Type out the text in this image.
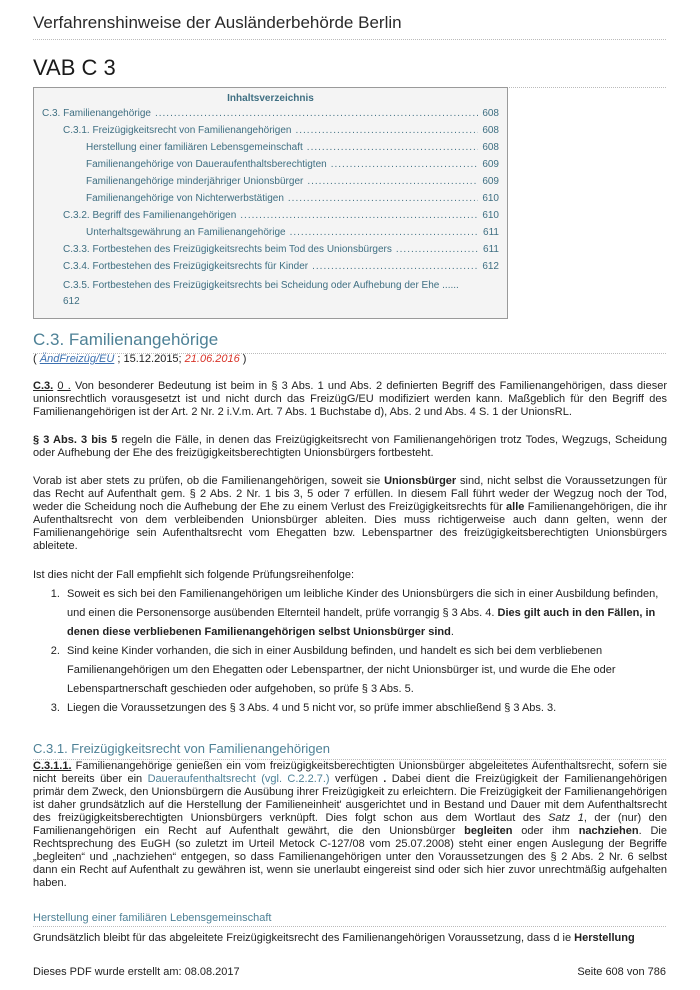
Verfahrenshinweise der Ausländerbehörde Berlin
VAB C 3
Inhaltsverzeichnis
C.3. Familienangehörige .....	608
C.3.1. Freizügigkeitsrecht von Familienangehörigen .....	608
Herstellung einer familiären Lebensgemeinschaft .....	608
Familienangehörige von Daueraufenthaltsberechtigten .....	609
Familienangehörige minderjähriger Unionsbürger .....	609
Familienangehörige von Nichterwerbstätigen .....	610
C.3.2. Begriff des Familienangehörigen .....	610
Unterhaltsgewährung an Familienangehörige .....	611
C.3.3. Fortbestehen des Freizügigkeitsrechts beim Tod des Unionsbürgers .....	611
C.3.4. Fortbestehen des Freizügigkeitsrechts für Kinder .....	612
C.3.5. Fortbestehen des Freizügigkeitsrechts bei Scheidung oder Aufhebung der Ehe ......
612
C.3. Familienangehörige
( ÄndFreizüg/EU ; 15.12.2015; 21.06.2016 )
C.3. 0 . Von besonderer Bedeutung ist beim in § 3 Abs. 1 und Abs. 2 definierten Begriff des Familienangehörigen, dass dieser unionsrechtlich vorausgesetzt ist und nicht durch das FreizügG/EU modifiziert werden kann. Maßgeblich für den Begriff des Familienangehörigen ist der Art. 2 Nr. 2 i.V.m. Art. 7 Abs. 1 Buchstabe d), Abs. 2 und Abs. 4 S. 1 der UnionsRL.
§ 3 Abs. 3 bis 5 regeln die Fälle, in denen das Freizügigkeitsrecht von Familienangehörigen trotz Todes, Wegzugs, Scheidung oder Aufhebung der Ehe des freizügigkeitsberechtigten Unionsbürgers fortbesteht.
Vorab ist aber stets zu prüfen, ob die Familienangehörigen, soweit sie Unionsbürger sind, nicht selbst die Voraussetzungen für das Recht auf Aufenthalt gem. § 2 Abs. 2 Nr. 1 bis 3, 5 oder 7 erfüllen. In diesem Fall führt weder der Wegzug noch der Tod, weder die Scheidung noch die Aufhebung der Ehe zu einem Verlust des Freizügigkeitsrechts für alle Familienangehörigen, die ihr Aufenthaltsrecht von dem verbleibenden Unionsbürger ableiten. Dies muss richtigerweise auch dann gelten, wenn der Familienangehörige sein Aufenthaltsrecht vom Ehegatten bzw. Lebenspartner des freizügigkeitsberechtigten Unionsbürgers ableitete.
Ist dies nicht der Fall empfiehlt sich folgende Prüfungsreihenfolge:
1. Soweit es sich bei den Familienangehörigen um leibliche Kinder des Unionsbürgers die sich in einer Ausbildung befinden, und einen die Personensorge ausübenden Elternteil handelt, prüfe vorrangig § 3 Abs. 4. Dies gilt auch in den Fällen, in denen diese verbliebenen Familienangehörigen selbst Unionsbürger sind.
2. Sind keine Kinder vorhanden, die sich in einer Ausbildung befinden, und handelt es sich bei dem verbliebenen Familienangehörigen um den Ehegatten oder Lebenspartner, der nicht Unionsbürger ist, und wurde die Ehe oder Lebenspartnerschaft geschieden oder aufgehoben, so prüfe § 3 Abs. 5.
3. Liegen die Voraussetzungen des § 3 Abs. 4 und 5 nicht vor, so prüfe immer abschließend § 3 Abs. 3.
C.3.1. Freizügigkeitsrecht von Familienangehörigen
C.3.1.1. Familienangehörige genießen ein vom freizügigkeitsberechtigten Unionsbürger abgeleitetes Aufenthaltsrecht, sofern sie nicht bereits über ein Daueraufenthaltsrecht (vgl. C.2.2.7.) verfügen . Dabei dient die Freizügigkeit der Familienangehörigen primär dem Zweck, den Unionsbürgern die Ausübung ihrer Freizügigkeit zu erleichtern. Die Freizügigkeit der Familienangehörigen ist daher grundsätzlich auf die Herstellung der Familieneinheit' ausgerichtet und in Bestand und Dauer mit dem Aufenthaltsrecht des freizügigkeitsberechtigten Unionsbürgers verknüpft. Dies folgt schon aus dem Wortlaut des Satz 1, der (nur) den Familienangehörigen ein Recht auf Aufenthalt gewährt, die den Unionsbürger begleiten oder ihm nachziehen. Die Rechtsprechung des EuGH (so zuletzt im Urteil Metock C-127/08 vom 25.07.2008) steht einer engen Auslegung der Begriffe „begleiten“ und „nachziehen“ entgegen, so dass Familienangehörigen unter den Voraussetzungen des § 2 Abs. 2 Nr. 6 selbst dann ein Recht auf Aufenthalt zu gewähren ist, wenn sie unerlaubt eingereist sind oder sich hier zuvor unrechtmäßig aufgehalten haben.
Herstellung einer familiären Lebensgemeinschaft
Grundsätzlich bleibt für das abgeleitete Freizügigkeitsrecht des Familienangehörigen Voraussetzung, dass d ie Herstellung
Dieses PDF wurde erstellt am: 08.08.2017	Seite 608 von 786
